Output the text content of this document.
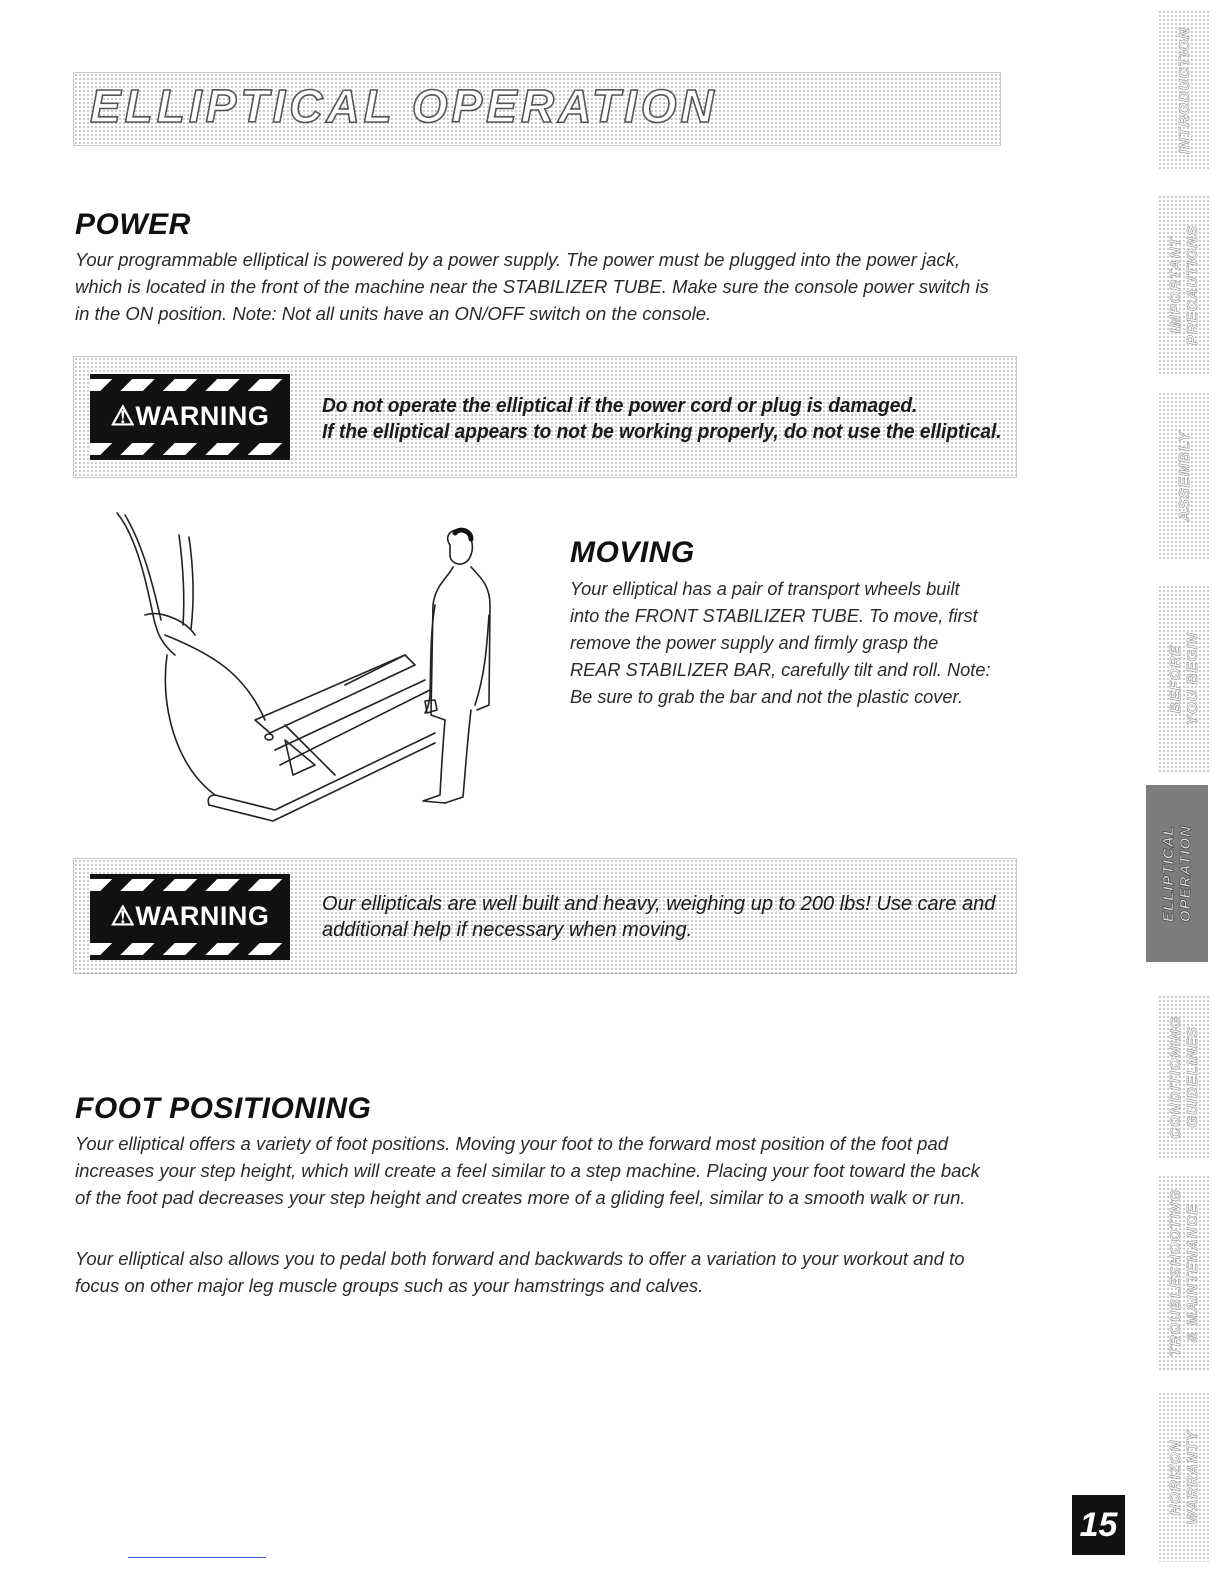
ELLIPTICAL OPERATION
POWER
Your programmable elliptical is powered by a power supply. The power must be plugged into the power jack,
which is located in the front of the machine near the STABILIZER TUBE. Make sure the console power switch is
in the ON position. Note: Not all units have an ON/OFF switch on the console.
⚠WARNING	Do not operate the elliptical if the power cord or plug is damaged.
If the elliptical appears to not be working properly, do not use the elliptical.
MOVING
Your elliptical has a pair of transport wheels built
into the FRONT STABILIZER TUBE. To move, first
remove the power supply and firmly grasp the
REAR STABILIZER BAR, carefully tilt and roll. Note:
Be sure to grab the bar and not the plastic cover.
⚠WARNING	Our ellipticals are well built and heavy, weighing up to 200 lbs! Use care and
additional help if necessary when moving.
FOOT POSITIONING
Your elliptical offers a variety of foot positions. Moving your foot to the forward most position of the foot pad
increases your step height, which will create a feel similar to a step machine. Placing your foot toward the back
of the foot pad decreases your step height and creates more of a gliding feel, similar to a smooth walk or run.
Your elliptical also allows you to pedal both forward and backwards to offer a variation to your workout and to
focus on other major leg muscle groups such as your hamstrings and calves.
INTRODUCTION
IMPORTANT
PRECAUTIONS
ASSEMBLY
BEFORE
YOU BEGIN
ELLIPTICAL
OPERATION
CONDITIONING
GUIDELINES
TROUBLESHOOTING
& MAINTENANCE
HORIZON
WARRANTY
15
